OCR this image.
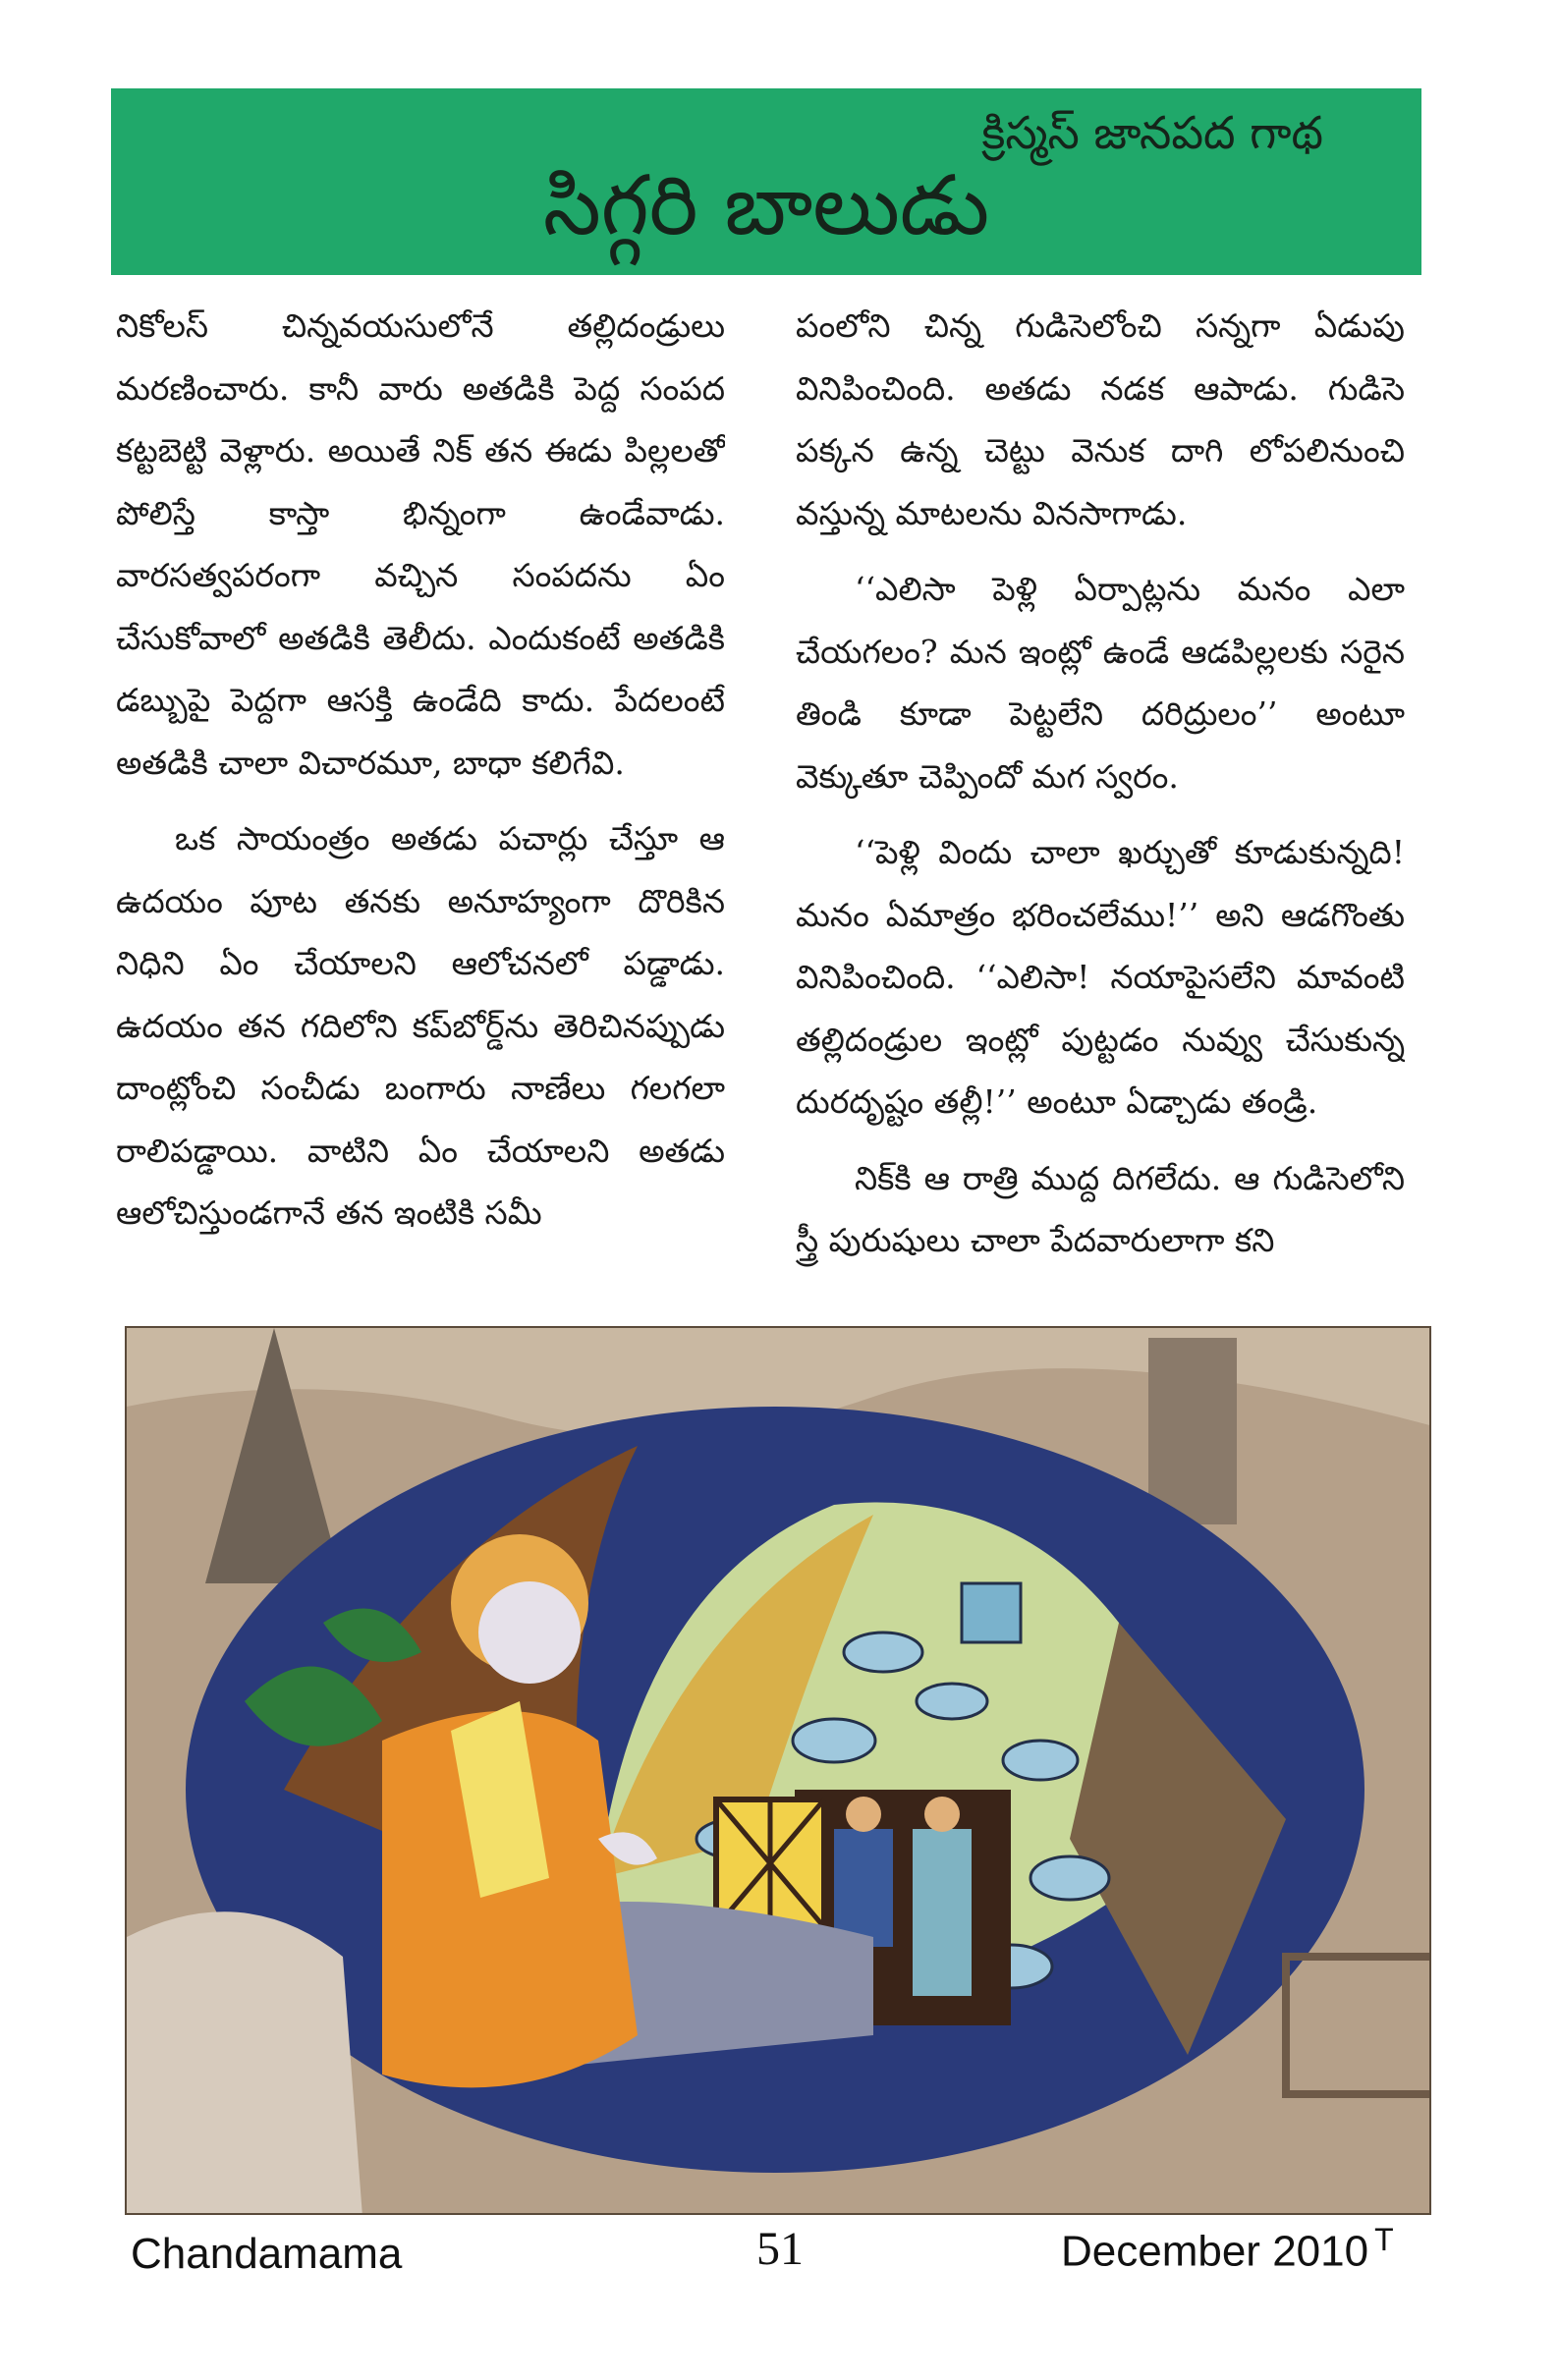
క్రిస్మస్ జానపద గాథ
సిగ్గరి బాలుడు

నికోలస్ చిన్నవయసులోనే తల్లిదండ్రులు మరణించారు. కానీ వారు అతడికి పెద్ద సంపద కట్టబెట్టి వెళ్లారు. అయితే నిక్ తన ఈడు పిల్లలతో పోలిస్తే కాస్తా భిన్నంగా ఉండేవాడు. వారసత్వపరంగా వచ్చిన సంపదను ఏం చేసుకోవాలో అతడికి తెలీదు. ఎందుకంటే అతడికి డబ్బుపై పెద్దగా ఆసక్తి ఉండేది కాదు. పేదలంటే అతడికి చాలా విచారమూ, బాధా కలిగేవి.

ఒక సాయంత్రం అతడు పచార్లు చేస్తూ ఆ ఉదయం పూట తనకు అనూహ్యంగా దొరికిన నిధిని ఏం చేయాలని ఆలోచనలో పడ్డాడు. ఉదయం తన గదిలోని కప్‌బోర్డ్‌ను తెరిచినప్పుడు దాంట్లోంచి సంచీడు బంగారు నాణేలు గలగలా రాలిపడ్డాయి. వాటిని ఏం చేయాలని అతడు ఆలోచిస్తుండగానే తన ఇంటికి సమీ

పంలోని చిన్న గుడిసెలోంచి సన్నగా ఏడుపు వినిపించింది. అతడు నడక ఆపాడు. గుడిసె పక్కన ఉన్న చెట్టు వెనుక దాగి లోపలినుంచి వస్తున్న మాటలను వినసాగాడు.

‘‘ఎలిసా పెళ్లి ఏర్పాట్లను మనం ఎలా చేయగలం? మన ఇంట్లో ఉండే ఆడపిల్లలకు సరైన తిండి కూడా పెట్టలేని దరిద్రులం’’ అంటూ వెక్కుతూ చెప్పిందో మగ స్వరం.

‘‘పెళ్లి విందు చాలా ఖర్చుతో కూడుకున్నది! మనం ఏమాత్రం భరించలేము!’’ అని ఆడగొంతు వినిపించింది. ‘‘ఎలిసా! నయాపైసలేని మావంటి తల్లిదండ్రుల ఇంట్లో పుట్టడం నువ్వు చేసుకున్న దురదృష్టం తల్లీ!’’ అంటూ ఏడ్చాడు తండ్రి.

నిక్‌కి ఆ రాత్రి ముద్ద దిగలేదు. ఆ గుడిసెలోని స్త్రీ పురుషులు చాలా పేదవారులాగా కని

Chandamama	51	December 2010 $^T$
